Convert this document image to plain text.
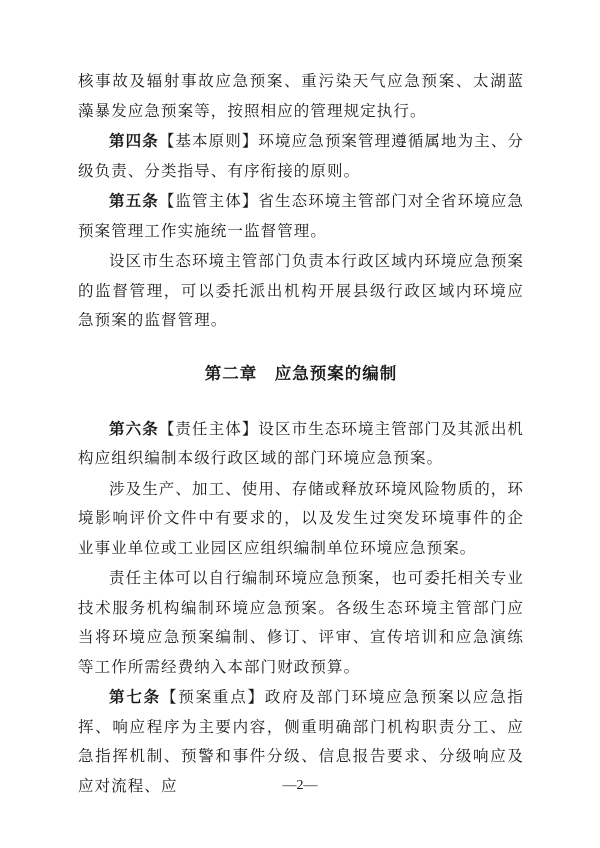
核事故及辐射事故应急预案、重污染天气应急预案、太湖蓝藻暴发应急预案等，按照相应的管理规定执行。

第四条【基本原则】环境应急预案管理遵循属地为主、分级负责、分类指导、有序衔接的原则。

第五条【监管主体】省生态环境主管部门对全省环境应急预案管理工作实施统一监督管理。

设区市生态环境主管部门负责本行政区域内环境应急预案的监督管理，可以委托派出机构开展县级行政区域内环境应急预案的监督管理。

第二章　应急预案的编制

第六条【责任主体】设区市生态环境主管部门及其派出机构应组织编制本级行政区域的部门环境应急预案。

涉及生产、加工、使用、存储或释放环境风险物质的，环境影响评价文件中有要求的，以及发生过突发环境事件的企业事业单位或工业园区应组织编制单位环境应急预案。

责任主体可以自行编制环境应急预案，也可委托相关专业技术服务机构编制环境应急预案。各级生态环境主管部门应当将环境应急预案编制、修订、评审、宣传培训和应急演练等工作所需经费纳入本部门财政预算。

第七条【预案重点】政府及部门环境应急预案以应急指挥、响应程序为主要内容，侧重明确部门机构职责分工、应急指挥机制、预警和事件分级、信息报告要求、分级响应及应对流程、应	—2—
